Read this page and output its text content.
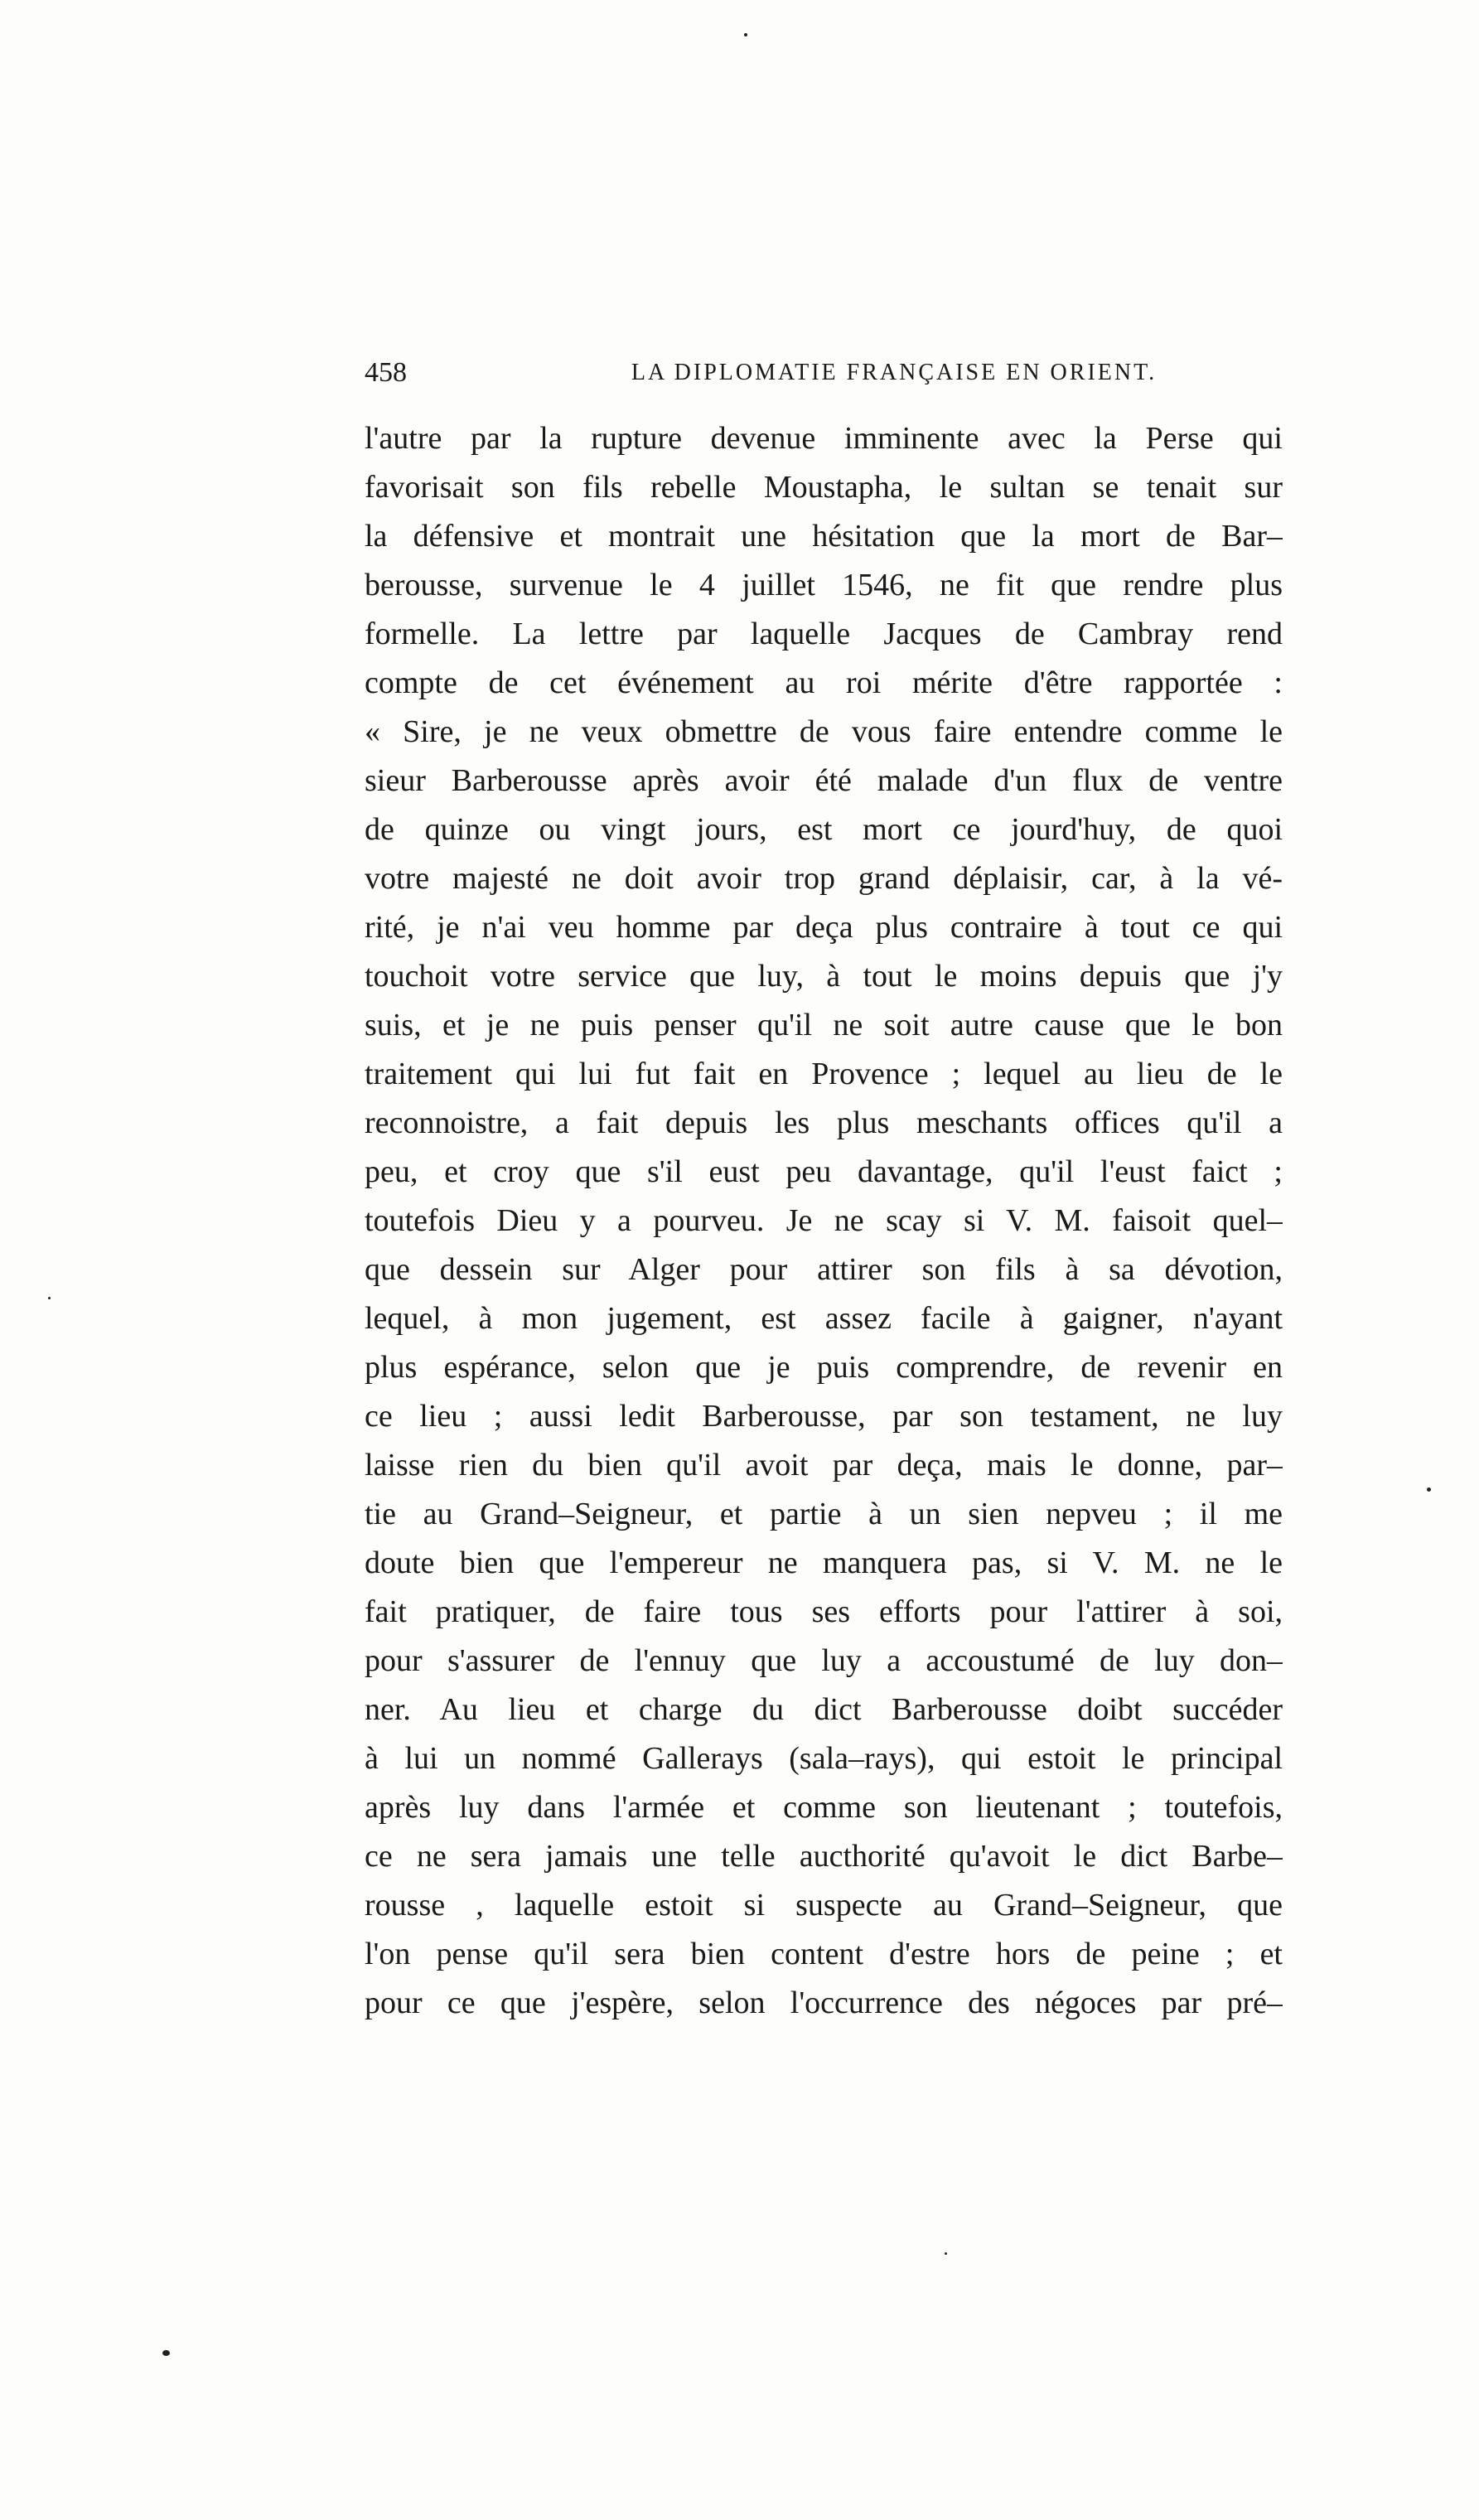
458	LA DIPLOMATIE FRANÇAISE EN ORIENT.
l'autre par la rupture devenue imminente avec la Perse qui
favorisait son fils rebelle Moustapha, le sultan se tenait sur
la défensive et montrait une hésitation que la mort de Bar–
berousse, survenue le 4 juillet 1546, ne fit que rendre plus
formelle. La lettre par laquelle Jacques de Cambray rend
compte de cet événement au roi mérite d'être rapportée :
« Sire, je ne veux obmettre de vous faire entendre comme le
sieur Barberousse après avoir été malade d'un flux de ventre
de quinze ou vingt jours, est mort ce jourd'huy, de quoi
votre majesté ne doit avoir trop grand déplaisir, car, à la vé-
rité, je n'ai veu homme par deça plus contraire à tout ce qui
touchoit votre service que luy, à tout le moins depuis que j'y
suis, et je ne puis penser qu'il ne soit autre cause que le bon
traitement qui lui fut fait en Provence ; lequel au lieu de le
reconnoistre, a fait depuis les plus meschants offices qu'il a
peu, et croy que s'il eust peu davantage, qu'il l'eust faict ;
toutefois Dieu y a pourveu. Je ne scay si V. M. faisoit quel–
que dessein sur Alger pour attirer son fils à sa dévotion,
lequel, à mon jugement, est assez facile à gaigner, n'ayant
plus espérance, selon que je puis comprendre, de revenir en
ce lieu ; aussi ledit Barberousse, par son testament, ne luy
laisse rien du bien qu'il avoit par deça, mais le donne, par–
tie au Grand–Seigneur, et partie à un sien nepveu ; il me
doute bien que l'empereur ne manquera pas, si V. M. ne le
fait pratiquer, de faire tous ses efforts pour l'attirer à soi,
pour s'assurer de l'ennuy que luy a accoustumé de luy don–
ner. Au lieu et charge du dict Barberousse doibt succéder
à lui un nommé Gallerays (sala–rays), qui estoit le principal
après luy dans l'armée et comme son lieutenant ; toutefois,
ce ne sera jamais une telle aucthorité qu'avoit le dict Barbe–
rousse , laquelle estoit si suspecte au Grand–Seigneur, que
l'on pense qu'il sera bien content d'estre hors de peine ; et
pour ce que j'espère, selon l'occurrence des négoces par pré–
